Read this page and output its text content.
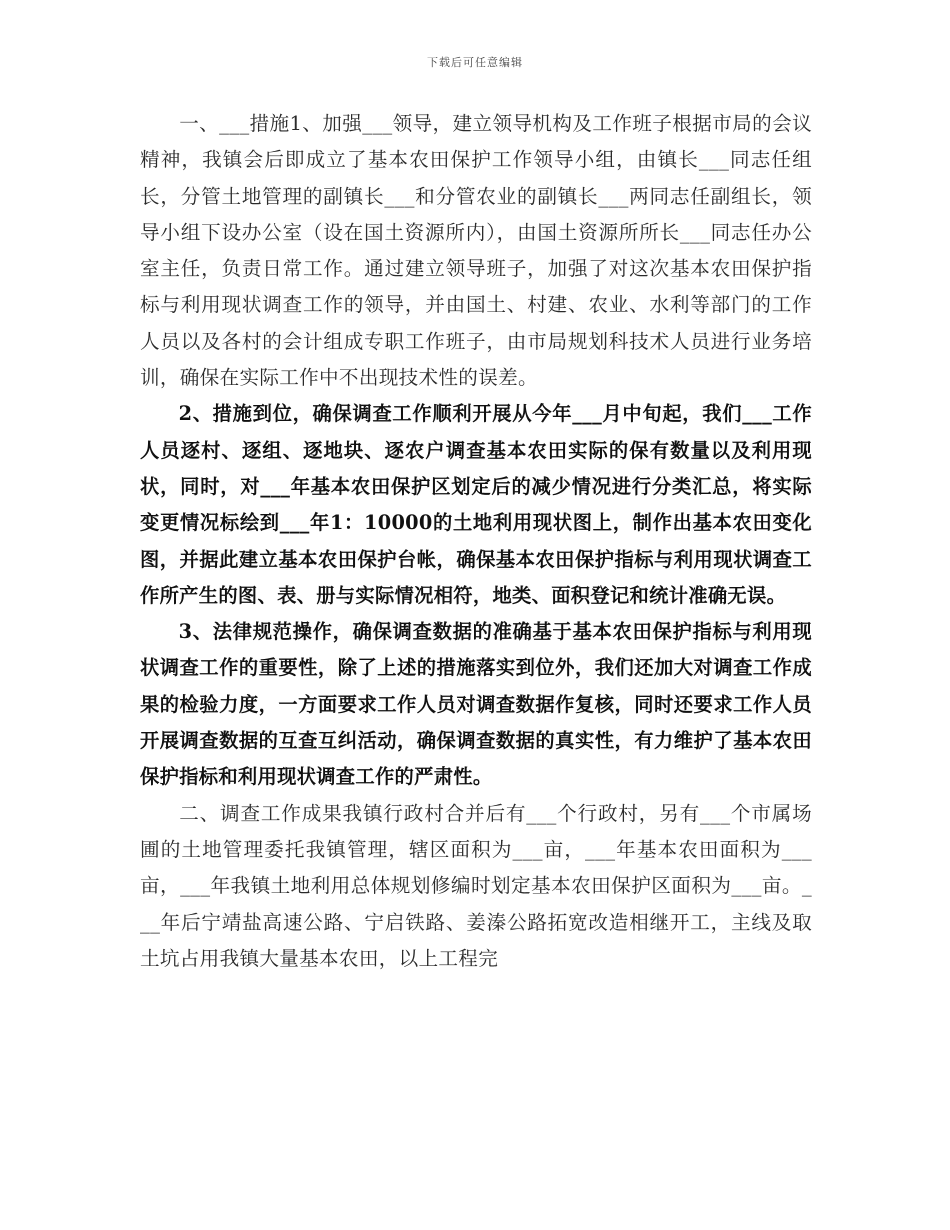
下载后可任意编辑

一、___措施1、加强___领导，建立领导机构及工作班子根据市局的会议精神，我镇会后即成立了基本农田保护工作领导小组，由镇长___同志任组长，分管土地管理的副镇长___和分管农业的副镇长___两同志任副组长，领导小组下设办公室（设在国土资源所内），由国土资源所所长___同志任办公室主任，负责日常工作。通过建立领导班子，加强了对这次基本农田保护指标与利用现状调查工作的领导，并由国土、村建、农业、水利等部门的工作人员以及各村的会计组成专职工作班子，由市局规划科技术人员进行业务培训，确保在实际工作中不出现技术性的误差。

2、措施到位，确保调查工作顺利开展从今年___月中旬起，我们___工作人员逐村、逐组、逐地块、逐农户调查基本农田实际的保有数量以及利用现状，同时，对___年基本农田保护区划定后的减少情况进行分类汇总，将实际变更情况标绘到___年1：10000的土地利用现状图上，制作出基本农田变化图，并据此建立基本农田保护台帐，确保基本农田保护指标与利用现状调查工作所产生的图、表、册与实际情况相符，地类、面积登记和统计准确无误。

3、法律规范操作，确保调查数据的准确基于基本农田保护指标与利用现状调查工作的重要性，除了上述的措施落实到位外，我们还加大对调查工作成果的检验力度，一方面要求工作人员对调查数据作复核，同时还要求工作人员开展调查数据的互查互纠活动，确保调查数据的真实性，有力维护了基本农田保护指标和利用现状调查工作的严肃性。

二、调查工作成果我镇行政村合并后有___个行政村，另有___个市属场圃的土地管理委托我镇管理，辖区面积为___亩，___年基本农田面积为___亩，___年我镇土地利用总体规划修编时划定基本农田保护区面积为___亩。___年后宁靖盐高速公路、宁启铁路、姜溱公路拓宽改造相继开工，主线及取土坑占用我镇大量基本农田，以上工程完
